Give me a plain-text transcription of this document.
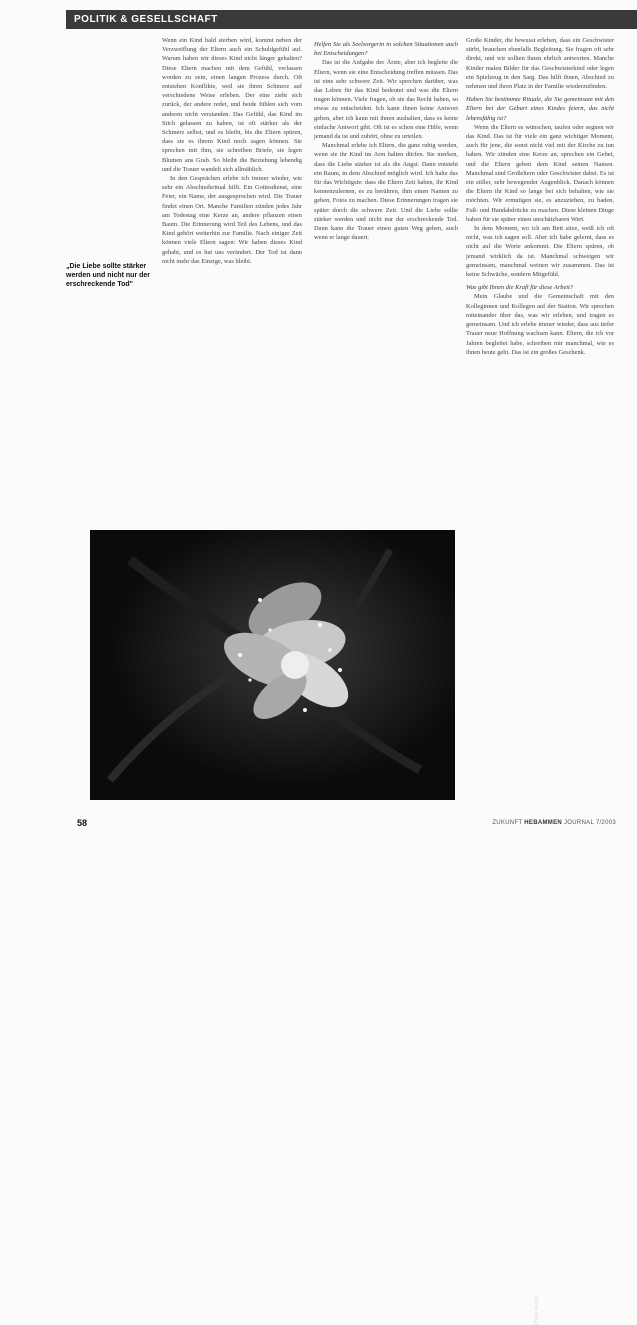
POLITIK & GESELLSCHAFT
„Die Liebe sollte stärker werden und nicht nur der erschreckende Tod"

Wenn ein Kind bald sterben wird, kommt neben der Verzweiflung der Eltern auch ein Schuldgefühl auf. Warum haben wir dieses Kind nicht länger gehalten? Diese Eltern machen mit dem Gefühl, verlassen worden zu sein, einen langen Prozess durch. Oft entstehen Konflikte, weil sie ihren Schmerz auf verschiedene Weise erleben. Der eine zieht sich zurück, der andere redet, und beide fühlen sich vom anderen nicht verstanden. Das Gefühl, das Kind im Stich gelassen zu haben, ist oft stärker als der Schmerz selbst, und es bleibt, bis die Eltern spüren, dass sie es ihrem Kind noch sagen können. Sie sprechen mit ihm, sie schreiben Briefe, sie legen Blumen ans Grab. So bleibt die Beziehung lebendig und die Trauer wandelt sich allmählich.

In den Gesprächen erlebe ich immer wieder, wie sehr ein Abschiedsritual hilft. Ein Gottesdienst, eine Feier, ein Name, der ausgesprochen wird. Die Trauer findet einen Ort. Manche Familien zünden jedes Jahr am Todestag eine Kerze an, andere pflanzen einen Baum. Die Erinnerung wird Teil des Lebens, und das Kind gehört weiterhin zur Familie. Nach einiger Zeit können viele Eltern sagen: Wir haben dieses Kind gehabt, und es hat uns verändert. Der Tod ist dann nicht mehr das Einzige, was bleibt.

Helfen Sie als Seelsorgerin in solchen Situationen auch bei Entscheidungen?

Das ist die Aufgabe der Ärzte, aber ich begleite die Eltern, wenn sie eine Entscheidung treffen müssen. Das ist eine sehr schwere Zeit. Wir sprechen darüber, was das Leben für das Kind bedeutet und was die Eltern tragen können. Viele fragen, ob sie das Recht haben, so etwas zu entscheiden. Ich kann ihnen keine Antwort geben, aber ich kann mit ihnen aushalten, dass es keine einfache Antwort gibt. Oft ist es schon eine Hilfe, wenn jemand da ist und zuhört, ohne zu urteilen.

Manchmal erlebe ich Eltern, die ganz ruhig werden, wenn sie ihr Kind im Arm halten dürfen. Sie merken, dass die Liebe stärker ist als die Angst. Dann entsteht ein Raum, in dem Abschied möglich wird. Ich halte das für das Wichtigste: dass die Eltern Zeit haben, ihr Kind kennenzulernen, es zu berühren, ihm einen Namen zu geben, Fotos zu machen. Diese Erinnerungen tragen sie später durch die schwere Zeit. Und die Liebe sollte stärker werden und nicht nur der erschreckende Tod. Dann kann die Trauer einen guten Weg gehen, auch wenn er lange dauert.

Große Kinder, die bewusst erleben, dass ein Geschwister stirbt, brauchen ebenfalls Begleitung. Sie fragen oft sehr direkt, und wir sollten ihnen ehrlich antworten. Manche Kinder malen Bilder für das Geschwisterkind oder legen ein Spielzeug in den Sarg. Das hilft ihnen, Abschied zu nehmen und ihren Platz in der Familie wiederzufinden.

Haben Sie bestimmte Rituale, die Sie gemeinsam mit den Eltern bei der Geburt eines Kindes feiern, das nicht lebensfähig ist?

Wenn die Eltern es wünschen, taufen oder segnen wir das Kind. Das ist für viele ein ganz wichtiger Moment, auch für jene, die sonst nicht viel mit der Kirche zu tun haben. Wir zünden eine Kerze an, sprechen ein Gebet, und die Eltern geben dem Kind seinen Namen. Manchmal sind Großeltern oder Geschwister dabei. Es ist ein stiller, sehr bewegender Augenblick. Danach können die Eltern ihr Kind so lange bei sich behalten, wie sie möchten. Wir ermutigen sie, es anzuziehen, zu baden, Fuß- und Handabdrücke zu machen. Diese kleinen Dinge haben für sie später einen unschätzbaren Wert.

In dem Moment, wo ich am Bett sitze, weiß ich oft nicht, was ich sagen soll. Aber ich habe gelernt, dass es nicht auf die Worte ankommt. Die Eltern spüren, ob jemand wirklich da ist. Manchmal schweigen wir gemeinsam, manchmal weinen wir zusammen. Das ist keine Schwäche, sondern Mitgefühl.

Was gibt Ihnen die Kraft für diese Arbeit?

Mein Glaube und die Gemeinschaft mit den Kolleginnen und Kollegen auf der Station. Wir sprechen miteinander über das, was wir erleben, und tragen es gemeinsam. Und ich erlebe immer wieder, dass aus tiefer Trauer neue Hoffnung wachsen kann. Eltern, die ich vor Jahren begleitet habe, schreiben mir manchmal, wie es ihnen heute geht. Das ist ein großes Geschenk.

Photo: Archiv
58	ZUKUNFT HEBAMMEN JOURNAL 7/2003
